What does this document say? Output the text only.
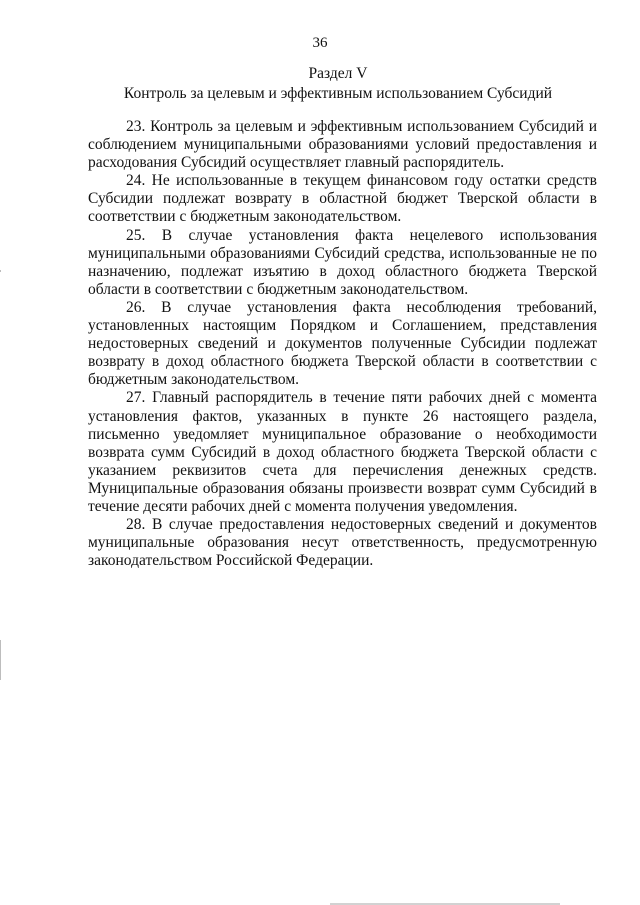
36
Раздел V
Контроль за целевым и эффективным использованием Субсидий

23. Контроль за целевым и эффективным использованием Субсидий и соблюдением муниципальными образованиями условий предоставления и расходования Субсидий осуществляет главный распорядитель.

24. Не использованные в текущем финансовом году остатки средств Субсидии подлежат возврату в областной бюджет Тверской области в соответствии с бюджетным законодательством.

25. В случае установления факта нецелевого использования муниципальными образованиями Субсидий средства, использованные не по назначению, подлежат изъятию в доход областного бюджета Тверской области в соответствии с бюджетным законодательством.

26. В случае установления факта несоблюдения требований, установленных настоящим Порядком и Соглашением, представления недостоверных сведений и документов полученные Субсидии подлежат возврату в доход областного бюджета Тверской области в соответствии с бюджетным законодательством.

27. Главный распорядитель в течение пяти рабочих дней с момента установления фактов, указанных в пункте 26 настоящего раздела, письменно уведомляет муниципальное образование о необходимости возврата сумм Субсидий в доход областного бюджета Тверской области с указанием реквизитов счета для перечисления денежных средств. Муниципальные образования обязаны произвести возврат сумм Субсидий в течение десяти рабочих дней с момента получения уведомления.

28. В случае предоставления недостоверных сведений и документов муниципальные образования несут ответственность, предусмотренную законодательством Российской Федерации.
